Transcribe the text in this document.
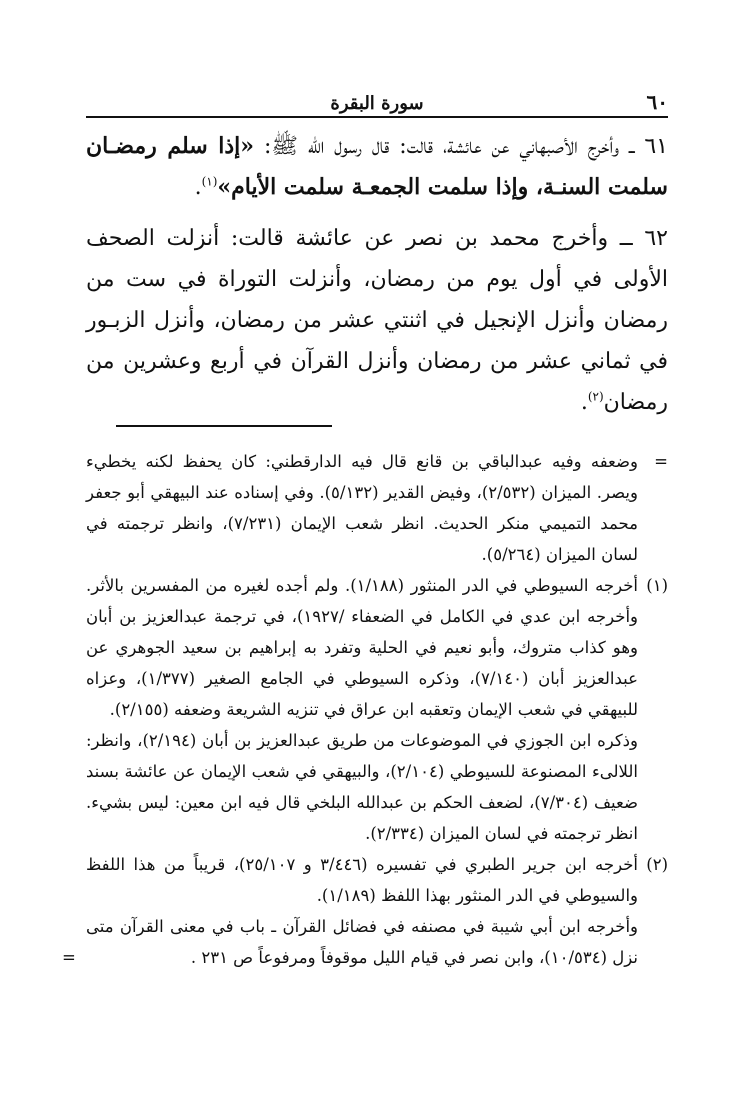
٦٠
سورة البقرة

٦١ ــ وأخرج الأصبهاني عن عائشة، قالت: قال رسول الله ﷺ: «إذا سلم رمضـان سلمت السنـة، وإذا سلمت الجمعـة سلمت الأيام»$^{(١)}$.

٦٢ ــ وأخرج محمد بن نصر عن عائشة قالت: أنزلت الصحف الأولى في أول يوم من رمضان، وأنزلت التوراة في ست من رمضان وأنزل الإنجيل في اثنتي عشر من رمضان، وأنزل الزبـور في ثماني عشر من رمضان وأنزل القرآن في أربع وعشرين من رمضان$^{(٢)}$.

=

وضعفه وفيه عبدالباقي بن قانع قال فيه الدارقطني: كان يحفظ لكنه يخطيء ويصر. الميزان (٢/٥٣٢)، وفيض القدير (٥/١٣٢). وفي إسناده عند البيهقي أبو جعفر محمد التميمي منكر الحديث. انظر شعب الإيمان (٧/٢٣١)، وانظر ترجمته في لسان الميزان (٥/٢٦٤).

(١)

أخرجه السيوطي في الدر المنثور (١/١٨٨). ولم أجده لغيره من المفسرين بالأثر. وأخرجه ابن عدي في الكامل في الضعفاء /١٩٢٧)، في ترجمة عبدالعزيز بن أبان وهو كذاب متروك، وأبو نعيم في الحلية وتفرد به إبراهيم بن سعيد الجوهري عن عبدالعزيز أبان (٧/١٤٠)، وذكره السيوطي في الجامع الصغير (١/٣٧٧)، وعزاه للبيهقي في شعب الإيمان وتعقبه ابن عراق في تنزيه الشريعة وضعفه (٢/١٥٥).

وذكره ابن الجوزي في الموضوعات من طريق عبدالعزيز بن أبان (٢/١٩٤)، وانظر: اللالىء المصنوعة للسيوطي (٢/١٠٤)، والبيهقي في شعب الإيمان عن عائشة بسند ضعيف (٧/٣٠٤)، لضعف الحكم بن عبدالله البلخي قال فيه ابن معين: ليس بشيء. انظر ترجمته في لسان الميزان (٢/٣٣٤).

(٢)

أخرجه ابن جرير الطبري في تفسيره (٣/٤٤٦ و ٢٥/١٠٧)، قريباً من هذا اللفظ والسيوطي في الدر المنثور بهذا اللفظ (١/١٨٩).

وأخرجه ابن أبي شيبة في مصنفه في فضائل القرآن ـ باب في معنى القرآن متى نزل (١٠/٥٣٤)، وابن نصر في قيام الليل موقوفاً ومرفوعاً ص ٢٣١ .

=
